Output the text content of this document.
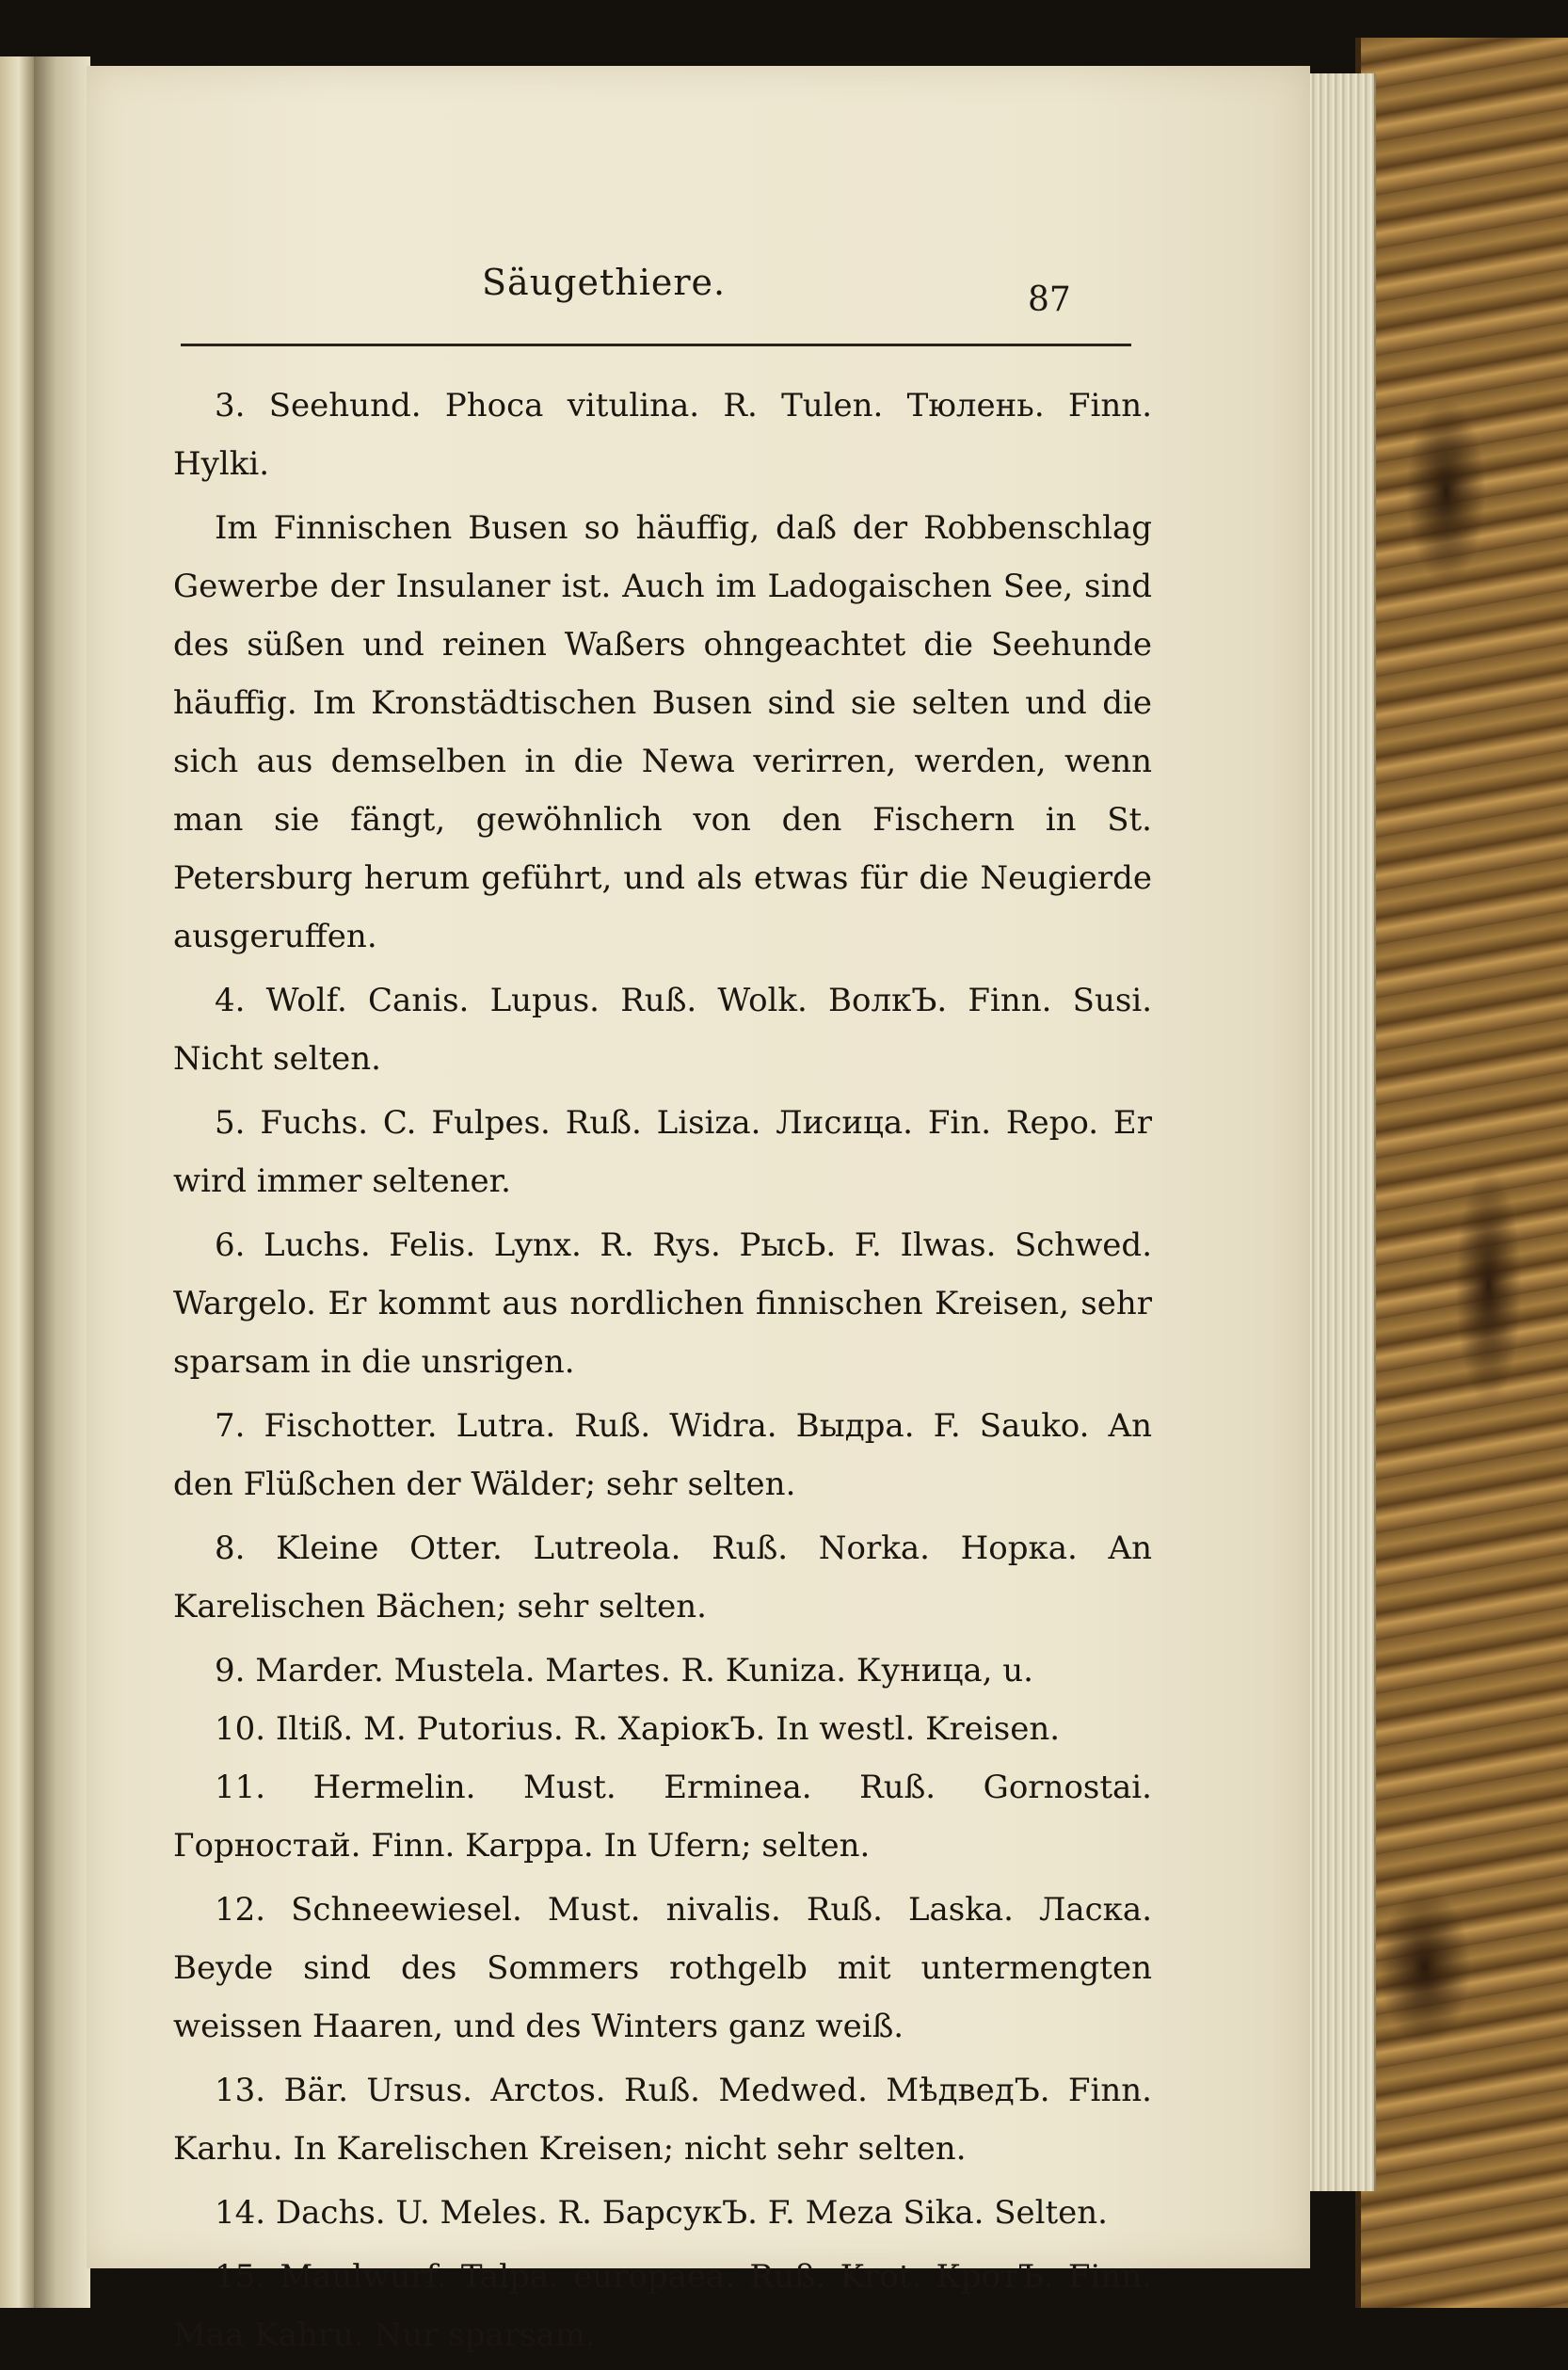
Säugethiere.	87

3. Seehund. Phoca vitulina. R. Tulen. Тюлень. Finn. Hylki.

Im Finnischen Busen so häuffig, daß der Robbenschlag Gewerbe der Insulaner ist. Auch im Ladogaischen See, sind des süßen und reinen Waßers ohngeachtet die Seehunde häuffig. Im Kronstädtischen Busen sind sie selten und die sich aus demselben in die Newa verirren, werden, wenn man sie fängt, gewöhnlich von den Fischern in St. Petersburg herum geführt, und als etwas für die Neugierde ausgeruffen.

4. Wolf. Canis. Lupus. Ruß. Wolk. ВолкЪ. Finn. Susi. Nicht selten.

5. Fuchs. C. Fulpes. Ruß. Lisiza. Лисица. Fin. Repo. Er wird immer seltener.

6. Luchs. Felis. Lynx. R. Rys. РысЬ. F. Ilwas. Schwed. Wargelo. Er kommt aus nordlichen finnischen Kreisen, sehr sparsam in die unsrigen.

7. Fischotter. Lutra. Ruß. Widra. Выдра. F. Sauko. An den Flüßchen der Wälder; sehr selten.

8. Kleine Otter. Lutreola. Ruß. Norka. Норка. An Karelischen Bächen; sehr selten.

9. Marder. Mustela. Martes. R. Kuniza. Куница, u.

10. Iltiß. M. Putorius. R. ХарiокЪ. In westl. Kreisen.

11. Hermelin. Must. Erminea. Ruß. Gornostai. Горностай. Finn. Karppa. In Ufern; selten.

12. Schneewiesel. Must. nivalis. Ruß. Laska. Ласка. Beyde sind des Sommers rothgelb mit untermengten weissen Haaren, und des Winters ganz weiß.

13. Bär. Ursus. Arctos. Ruß. Medwed. МѣдведЪ. Finn. Karhu. In Karelischen Kreisen; nicht sehr selten.

14. Dachs. U. Meles. R. БарсукЪ. F. Meza Sika. Selten.

15. Maulwurf. Talpa. europaea. Ruß. Krot. КротЪ. Finn. Maa Kahru. Nur sparsam.
